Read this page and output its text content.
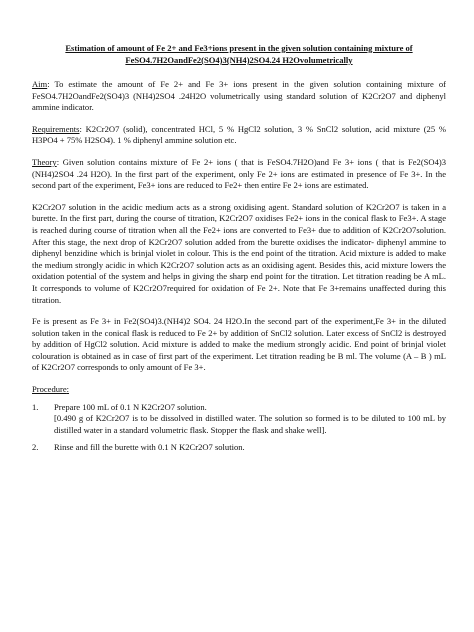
Estimation of amount of Fe 2+ and Fe3+ions present in the given solution containing mixture of FeSO4.7H2OandFe2(SO4)3(NH4)2SO4.24 H2Ovolumetrically

Aim: To estimate the amount of Fe 2+ and Fe 3+ ions present in the given solution containing mixture of FeSO4.7H2OandFe2(SO4)3 (NH4)2SO4 .24H2O volumetrically using standard solution of K2Cr2O7 and diphenyl ammine indicator.

Requirements: K2Cr2O7 (solid), concentrated HCl, 5 % HgCl2 solution, 3 % SnCl2 solution, acid mixture (25 % H3PO4 + 75% H2SO4). 1 % diphenyl ammine solution etc.

Theory: Given solution contains mixture of Fe 2+ ions ( that is FeSO4.7H2O)and Fe 3+ ions ( that is Fe2(SO4)3 (NH4)2SO4 .24 H2O). In the first part of the experiment, only Fe 2+ ions are estimated in presence of Fe 3+. In the second part of the experiment, Fe3+ ions are reduced to Fe2+ then entire Fe 2+ ions are estimated.

K2Cr2O7 solution in the acidic medium acts as a strong oxidising agent. Standard solution of K2Cr2O7 is taken in a burette. In the first part, during the course of titration, K2Cr2O7 oxidises Fe2+ ions in the conical flask to Fe3+. A stage is reached during course of titration when all the Fe2+ ions are converted to Fe3+ due to addition of K2Cr2O7solution. After this stage, the next drop of K2Cr2O7 solution added from the burette oxidises the indicator- diphenyl ammine to diphenyl benzidine which is brinjal violet in colour. This is the end point of the titration. Acid mixture is added to make the medium strongly acidic in which K2Cr2O7 solution acts as an oxidising agent. Besides this, acid mixture lowers the oxidation potential of the system and helps in giving the sharp end point for the titration. Let titration reading be A mL. It corresponds to volume of K2Cr2O7required for oxidation of Fe 2+. Note that Fe 3+remains unaffected during this titration.

Fe is present as Fe 3+ in Fe2(SO4)3.(NH4)2 SO4. 24 H2O.In the second part of the experiment,Fe 3+ in the diluted solution taken in the conical flask is reduced to Fe 2+ by addition of SnCl2 solution. Later excess of SnCl2 is destroyed by addition of HgCl2 solution. Acid mixture is added to make the medium strongly acidic. End point of brinjal violet colouration is obtained as in case of first part of the experiment. Let titration reading be B ml. The volume (A – B ) mL of K2Cr2O7 corresponds to only amount of Fe 3+.

Procedure:
1. Prepare 100 mL of 0.1 N K2Cr2O7 solution.
[0.490 g of K2Cr2O7 is to be dissolved in distilled water. The solution so formed is to be diluted to 100 mL by distilled water in a standard volumetric flask. Stopper the flask and shake well].
2. Rinse and fill the burette with 0.1 N K2Cr2O7 solution.
